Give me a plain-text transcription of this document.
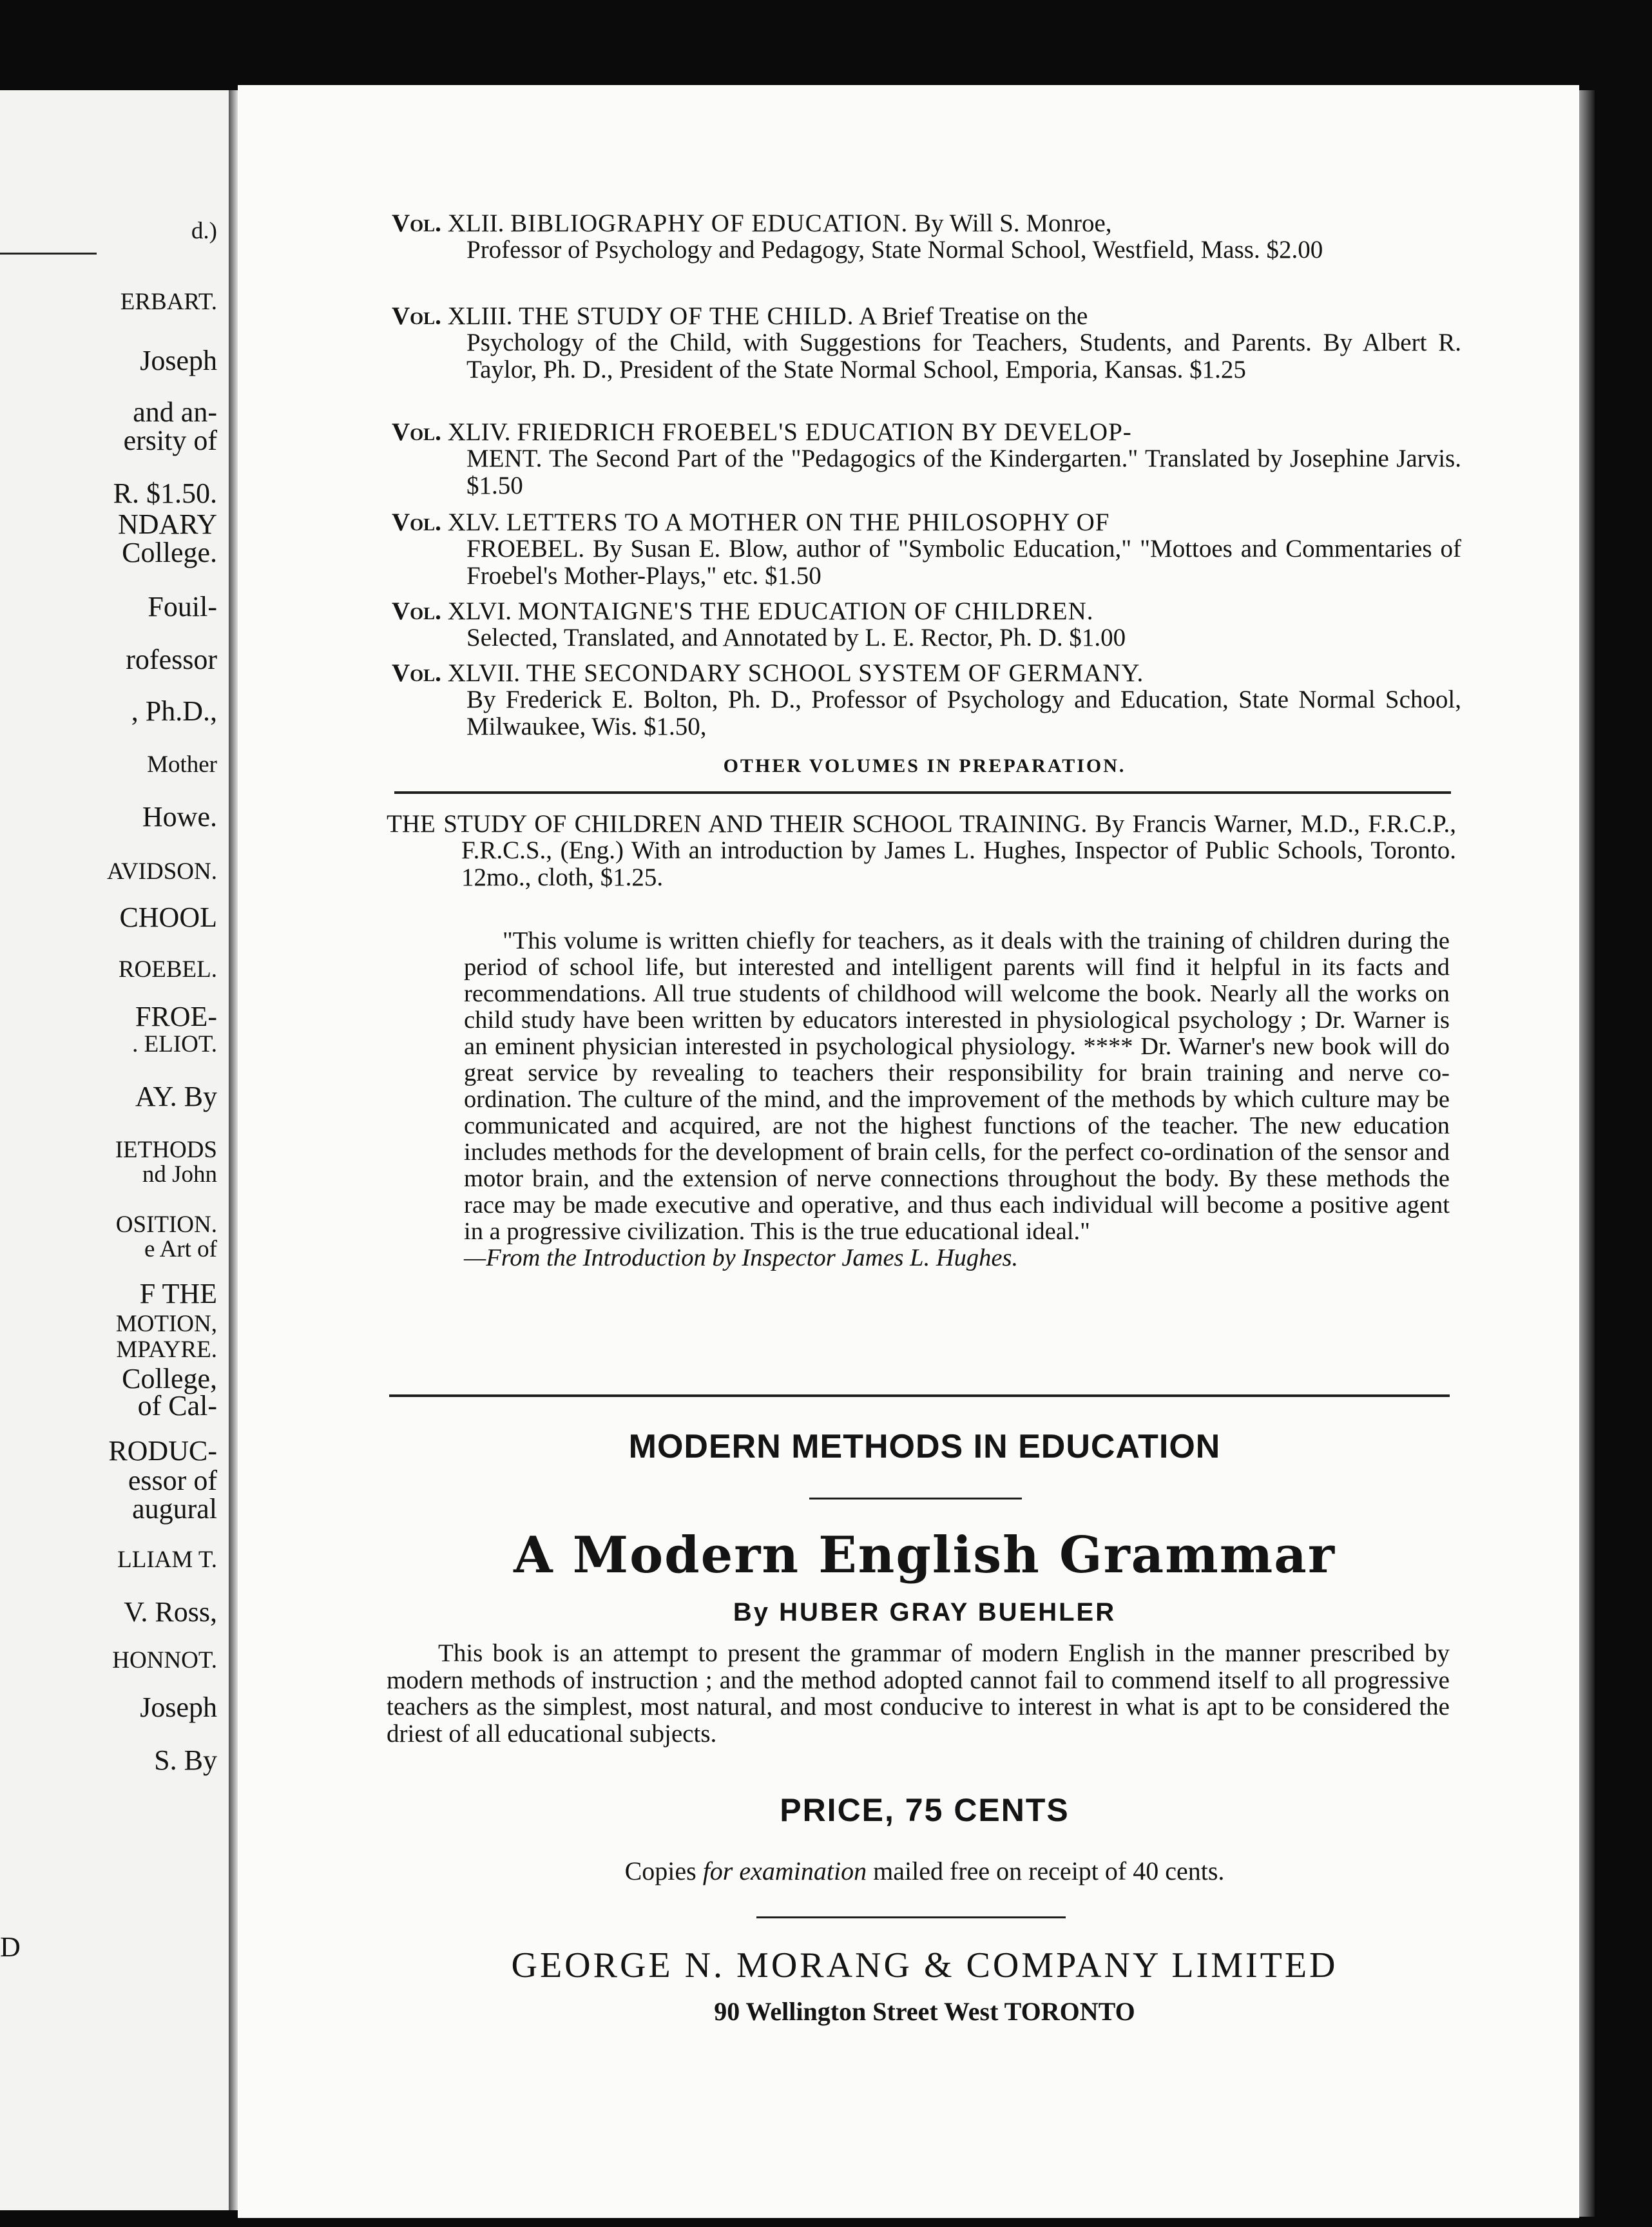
d.)
ERBART.
Joseph
and an-
ersity of
R. $1.50.
NDARY
College.
Fouil-
rofessor
, Ph.D.,
Mother
Howe.
AVIDSON.
CHOOL
ROEBEL.
FROE-
. ELIOT.
AY. By
IETHODS
nd John
OSITION.
e Art of
F THE
MOTION,
MPAYRE.
College,
of Cal-
RODUC-
essor of
augural
LLIAM T.
V. Ross,
HONNOT.
Joseph
S. By
D
Vol. XLII. BIBLIOGRAPHY OF EDUCATION. By Will S. Monroe,
Professor of Psychology and Pedagogy, State Normal School, Westfield, Mass. $2.00
Vol. XLIII. THE STUDY OF THE CHILD. A Brief Treatise on the
Psychology of the Child, with Suggestions for Teachers, Students, and Parents. By Albert R. Taylor, Ph. D., President of the State Normal School, Emporia, Kansas. $1.25
Vol. XLIV. FRIEDRICH FROEBEL'S EDUCATION BY DEVELOP-
MENT. The Second Part of the "Pedagogics of the Kindergarten." Translated by Josephine Jarvis. $1.50
Vol. XLV. LETTERS TO A MOTHER ON THE PHILOSOPHY OF
FROEBEL. By Susan E. Blow, author of "Symbolic Education," "Mottoes and Commentaries of Froebel's Mother-Plays," etc. $1.50
Vol. XLVI. MONTAIGNE'S THE EDUCATION OF CHILDREN.
Selected, Translated, and Annotated by L. E. Rector, Ph. D. $1.00
Vol. XLVII. THE SECONDARY SCHOOL SYSTEM OF GERMANY.
By Frederick E. Bolton, Ph. D., Professor of Psychology and Education, State Normal School, Milwaukee, Wis. $1.50,
OTHER VOLUMES IN PREPARATION.
THE STUDY OF CHILDREN AND THEIR SCHOOL TRAINING. By Francis Warner, M.D., F.R.C.P., F.R.C.S., (Eng.) With an introduction by James L. Hughes, Inspector of Public Schools, Toronto. 12mo., cloth, $1.25.
"This volume is written chiefly for teachers, as it deals with the training of children during the period of school life, but interested and intelligent parents will find it helpful in its facts and recommendations. All true students of childhood will welcome the book. Nearly all the works on child study have been written by educators interested in physiological psychology ; Dr. Warner is an eminent physician interested in psychological physiology. **** Dr. Warner's new book will do great service by revealing to teachers their responsibility for brain training and nerve co-ordination. The culture of the mind, and the improvement of the methods by which culture may be communicated and acquired, are not the highest functions of the teacher. The new education includes methods for the development of brain cells, for the perfect co-ordination of the sensor and motor brain, and the extension of nerve connections throughout the body. By these methods the race may be made executive and operative, and thus each individual will become a positive agent in a progressive civilization. This is the true educational ideal."
—From the Introduction by Inspector James L. Hughes.
MODERN METHODS IN EDUCATION
A Modern English Grammar
By HUBER GRAY BUEHLER
This book is an attempt to present the grammar of modern English in the manner prescribed by modern methods of instruction ; and the method adopted cannot fail to commend itself to all progressive teachers as the simplest, most natural, and most conducive to interest in what is apt to be considered the driest of all educational subjects.
PRICE, 75 CENTS
Copies for examination mailed free on receipt of 40 cents.
GEORGE N. MORANG & COMPANY LIMITED
90 Wellington Street West TORONTO
